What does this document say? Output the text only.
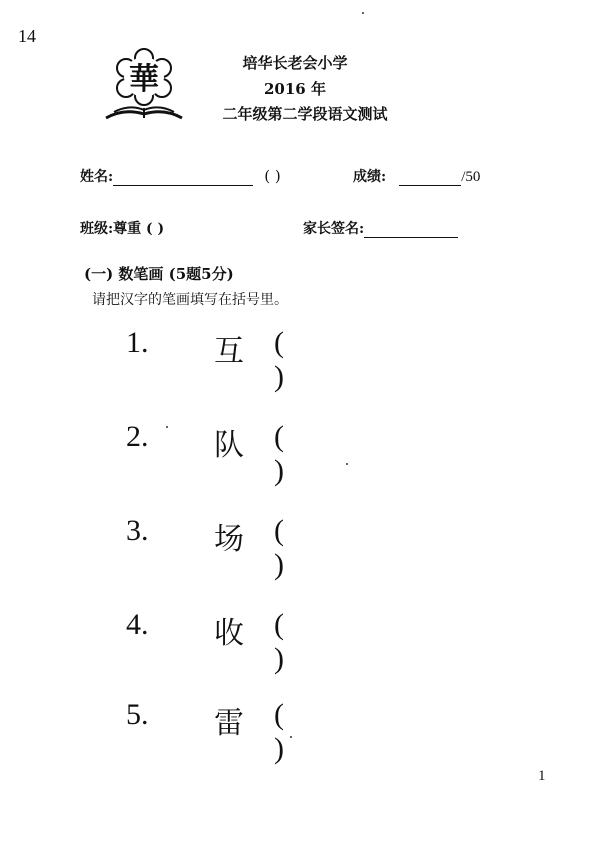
14
華	培华长老会小学
2016 年
二年级第二学段语文测试
姓名:	( )	成绩:	/50
班级:尊重 ( )	家长签名:
(一) 数笔画 (5题5分)
请把汉字的笔画填写在括号里。
1. 互 ( )
2. 队 ( )
3. 场 ( )
4. 收 ( )
5. 雷 ( )
1
